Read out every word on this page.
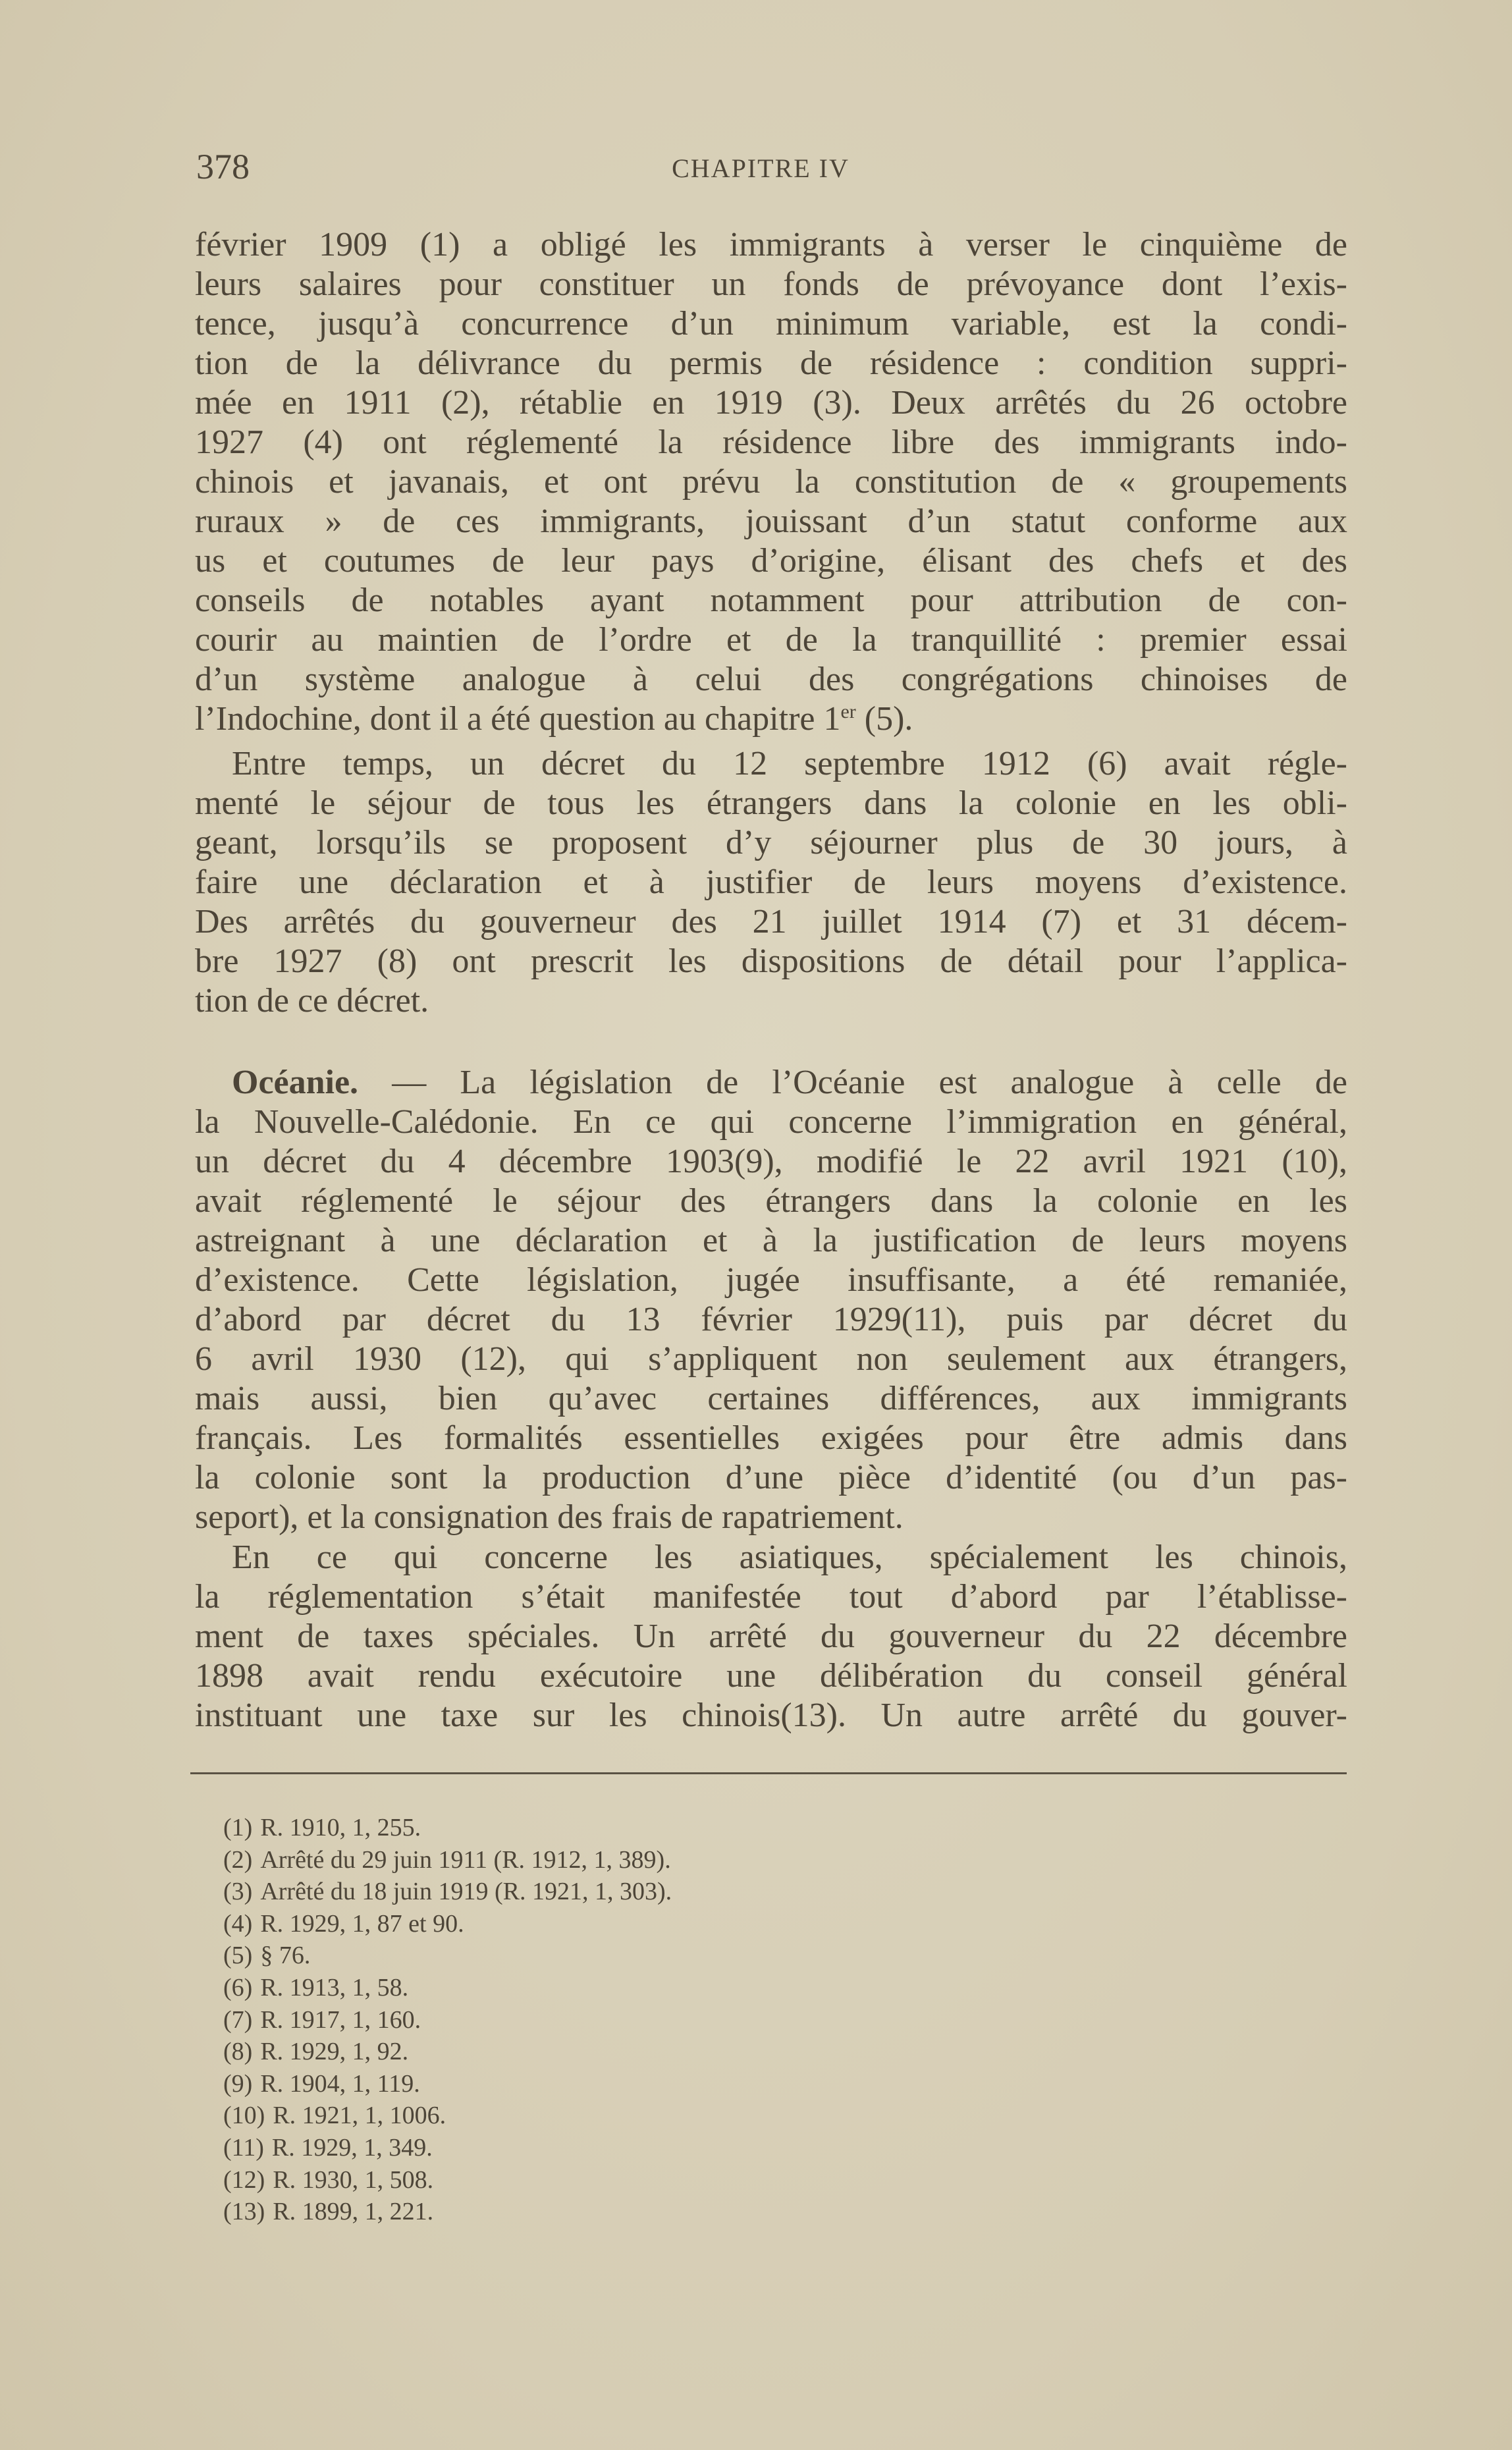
378	CHAPITRE IV
février 1909 (1) a obligé les immigrants à verser le cinquième de
leurs salaires pour constituer un fonds de prévoyance dont l’exis-
tence, jusqu’à concurrence d’un minimum variable, est la condi-
tion de la délivrance du permis de résidence : condition suppri-
mée en 1911 (2), rétablie en 1919 (3). Deux arrêtés du 26 octobre
1927 (4) ont réglementé la résidence libre des immigrants indo-
chinois et javanais, et ont prévu la constitution de « groupements
ruraux » de ces immigrants, jouissant d’un statut conforme aux
us et coutumes de leur pays d’origine, élisant des chefs et des
conseils de notables ayant notamment pour attribution de con-
courir au maintien de l’ordre et de la tranquillité : premier essai
d’un système analogue à celui des congrégations chinoises de
l’Indochine, dont il a été question au chapitre 1er (5).
Entre temps, un décret du 12 septembre 1912 (6) avait régle-
menté le séjour de tous les étrangers dans la colonie en les obli-
geant, lorsqu’ils se proposent d’y séjourner plus de 30 jours, à
faire une déclaration et à justifier de leurs moyens d’existence.
Des arrêtés du gouverneur des 21 juillet 1914 (7) et 31 décem-
bre 1927 (8) ont prescrit les dispositions de détail pour l’applica-
tion de ce décret.
Océanie. — La législation de l’Océanie est analogue à celle de
la Nouvelle-Calédonie. En ce qui concerne l’immigration en général,
un décret du 4 décembre 1903(9), modifié le 22 avril 1921 (10),
avait réglementé le séjour des étrangers dans la colonie en les
astreignant à une déclaration et à la justification de leurs moyens
d’existence. Cette législation, jugée insuffisante, a été remaniée,
d’abord par décret du 13 février 1929(11), puis par décret du
6 avril 1930 (12), qui s’appliquent non seulement aux étrangers,
mais aussi, bien qu’avec certaines différences, aux immigrants
français. Les formalités essentielles exigées pour être admis dans
la colonie sont la production d’une pièce d’identité (ou d’un pas-
seport), et la consignation des frais de rapatriement.
En ce qui concerne les asiatiques, spécialement les chinois,
la réglementation s’était manifestée tout d’abord par l’établisse-
ment de taxes spéciales. Un arrêté du gouverneur du 22 décembre
1898 avait rendu exécutoire une délibération du conseil général
instituant une taxe sur les chinois(13). Un autre arrêté du gouver-
(1) R. 1910, 1, 255.
(2) Arrêté du 29 juin 1911 (R. 1912, 1, 389).
(3) Arrêté du 18 juin 1919 (R. 1921, 1, 303).
(4) R. 1929, 1, 87 et 90.
(5) § 76.
(6) R. 1913, 1, 58.
(7) R. 1917, 1, 160.
(8) R. 1929, 1, 92.
(9) R. 1904, 1, 119.
(10) R. 1921, 1, 1006.
(11) R. 1929, 1, 349.
(12) R. 1930, 1, 508.
(13) R. 1899, 1, 221.
